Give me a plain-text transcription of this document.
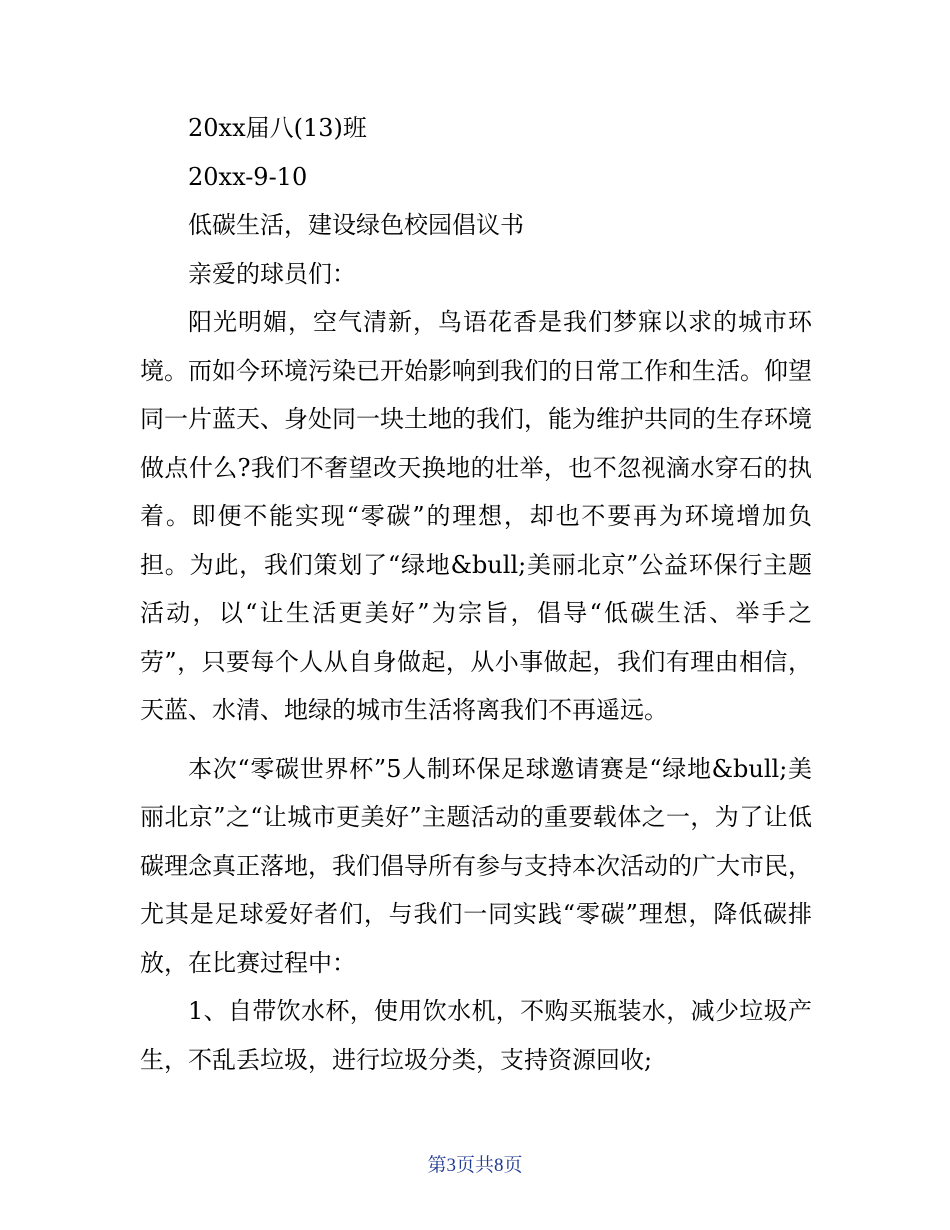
20xx届八(13)班

20xx-9-10

低碳生活，建设绿色校园倡议书

亲爱的球员们：

阳光明媚，空气清新，鸟语花香是我们梦寐以求的城市环境。而如今环境污染已开始影响到我们的日常工作和生活。仰望同一片蓝天、身处同一块土地的我们，能为维护共同的生存环境做点什么?我们不奢望改天换地的壮举，也不忽视滴水穿石的执着。即便不能实现“零碳”的理想，却也不要再为环境增加负担。为此，我们策划了“绿地&bull;美丽北京”公益环保行主题活动，以“让生活更美好”为宗旨，倡导“低碳生活、举手之劳”，只要每个人从自身做起，从小事做起，我们有理由相信，天蓝、水清、地绿的城市生活将离我们不再遥远。

本次“零碳世界杯”5人制环保足球邀请赛是“绿地&bull;美丽北京”之“让城市更美好”主题活动的重要载体之一，为了让低碳理念真正落地，我们倡导所有参与支持本次活动的广大市民，尤其是足球爱好者们，与我们一同实践“零碳”理想，降低碳排放，在比赛过程中：

1、自带饮水杯，使用饮水机，不购买瓶装水，减少垃圾产生，不乱丢垃圾，进行垃圾分类，支持资源回收;

第3页共8页
